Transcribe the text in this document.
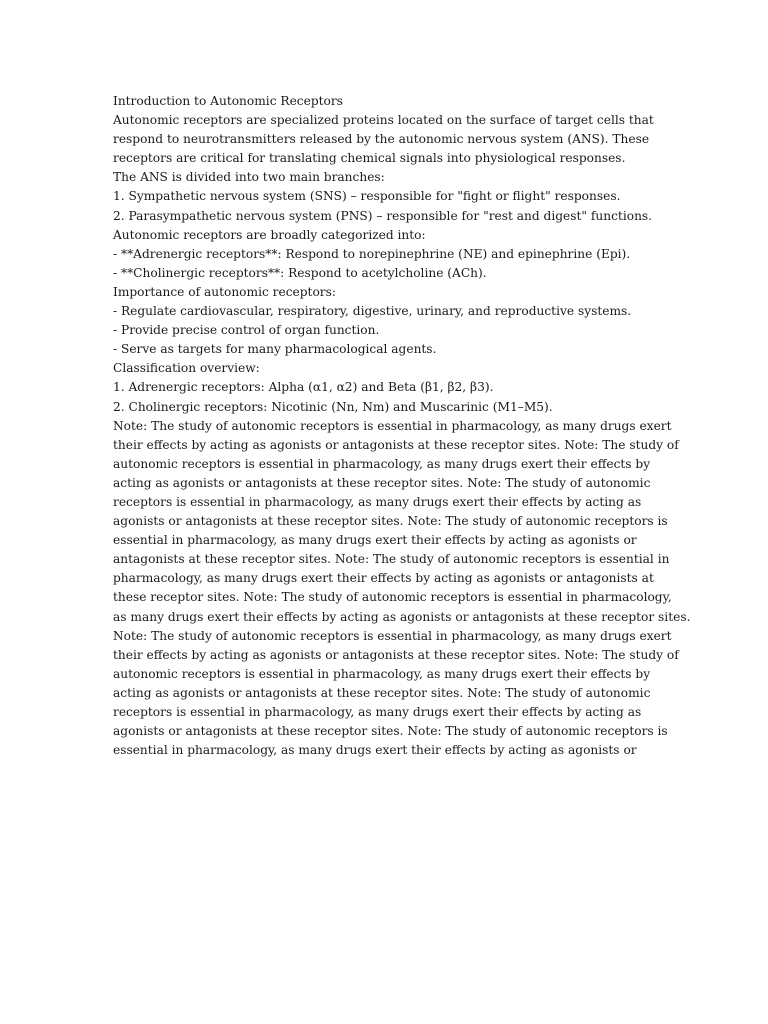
Introduction to Autonomic Receptors

Autonomic receptors are specialized proteins located on the surface of target cells that
respond to neurotransmitters released by the autonomic nervous system (ANS). These
receptors are critical for translating chemical signals into physiological responses.

The ANS is divided into two main branches:
1. Sympathetic nervous system (SNS) – responsible for "fight or flight" responses.
2. Parasympathetic nervous system (PNS) – responsible for "rest and digest" functions.

Autonomic receptors are broadly categorized into:
- **Adrenergic receptors**: Respond to norepinephrine (NE) and epinephrine (Epi).
- **Cholinergic receptors**: Respond to acetylcholine (ACh).

Importance of autonomic receptors:
- Regulate cardiovascular, respiratory, digestive, urinary, and reproductive systems.
- Provide precise control of organ function.
- Serve as targets for many pharmacological agents.

Classification overview:
1. Adrenergic receptors: Alpha (α1, α2) and Beta (β1, β2, β3).
2. Cholinergic receptors: Nicotinic (Nn, Nm) and Muscarinic (M1–M5).

Note: The study of autonomic receptors is essential in pharmacology, as many drugs exert
their effects by acting as agonists or antagonists at these receptor sites. Note: The study of
autonomic receptors is essential in pharmacology, as many drugs exert their effects by
acting as agonists or antagonists at these receptor sites. Note: The study of autonomic
receptors is essential in pharmacology, as many drugs exert their effects by acting as
agonists or antagonists at these receptor sites. Note: The study of autonomic receptors is
essential in pharmacology, as many drugs exert their effects by acting as agonists or
antagonists at these receptor sites. Note: The study of autonomic receptors is essential in
pharmacology, as many drugs exert their effects by acting as agonists or antagonists at
these receptor sites. Note: The study of autonomic receptors is essential in pharmacology,
as many drugs exert their effects by acting as agonists or antagonists at these receptor sites.
Note: The study of autonomic receptors is essential in pharmacology, as many drugs exert
their effects by acting as agonists or antagonists at these receptor sites. Note: The study of
autonomic receptors is essential in pharmacology, as many drugs exert their effects by
acting as agonists or antagonists at these receptor sites. Note: The study of autonomic
receptors is essential in pharmacology, as many drugs exert their effects by acting as
agonists or antagonists at these receptor sites. Note: The study of autonomic receptors is
essential in pharmacology, as many drugs exert their effects by acting as agonists or
